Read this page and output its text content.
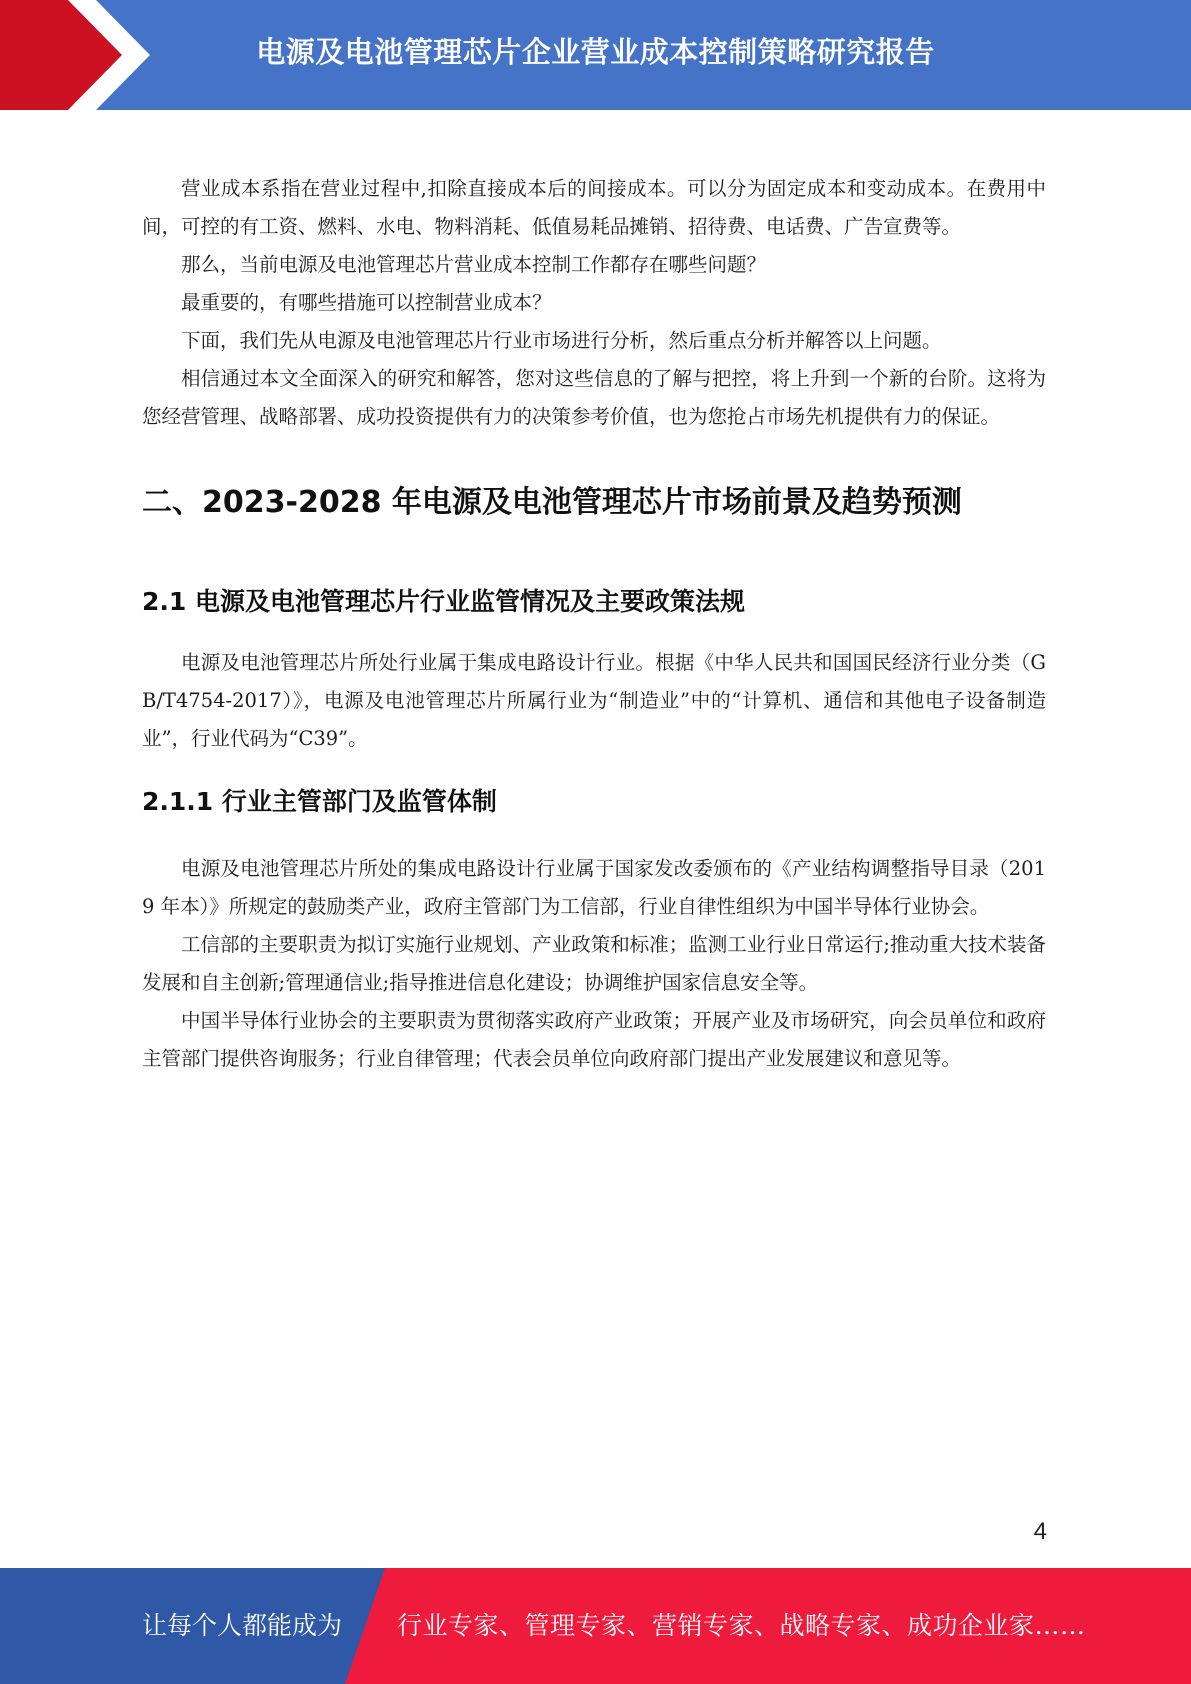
电源及电池管理芯片企业营业成本控制策略研究报告

营业成本系指在营业过程中,扣除直接成本后的间接成本。可以分为固定成本和变动成本。在费用中间，可控的有工资、燃料、水电、物料消耗、低值易耗品摊销、招待费、电话费、广告宣费等。

那么，当前电源及电池管理芯片营业成本控制工作都存在哪些问题？

最重要的，有哪些措施可以控制营业成本？

下面，我们先从电源及电池管理芯片行业市场进行分析，然后重点分析并解答以上问题。

相信通过本文全面深入的研究和解答，您对这些信息的了解与把控，将上升到一个新的台阶。这将为您经营管理、战略部署、成功投资提供有力的决策参考价值，也为您抢占市场先机提供有力的保证。

二、2023-2028 年电源及电池管理芯片市场前景及趋势预测
2.1 电源及电池管理芯片行业监管情况及主要政策法规

电源及电池管理芯片所处行业属于集成电路设计行业。根据《中华人民共和国国民经济行业分类（GB/T4754-2017）》，电源及电池管理芯片所属行业为“制造业”中的“计算机、通信和其他电子设备制造业”，行业代码为“C39”。

2.1.1 行业主管部门及监管体制

电源及电池管理芯片所处的集成电路设计行业属于国家发改委颁布的《产业结构调整指导目录（2019 年本）》所规定的鼓励类产业，政府主管部门为工信部，行业自律性组织为中国半导体行业协会。

工信部的主要职责为拟订实施行业规划、产业政策和标准；监测工业行业日常运行;推动重大技术装备发展和自主创新;管理通信业;指导推进信息化建设；协调维护国家信息安全等。

中国半导体行业协会的主要职责为贯彻落实政府产业政策；开展产业及市场研究，向会员单位和政府主管部门提供咨询服务；行业自律管理；代表会员单位向政府部门提出产业发展建议和意见等。

4
让每个人都能成为 行业专家、管理专家、营销专家、战略专家、成功企业家……
